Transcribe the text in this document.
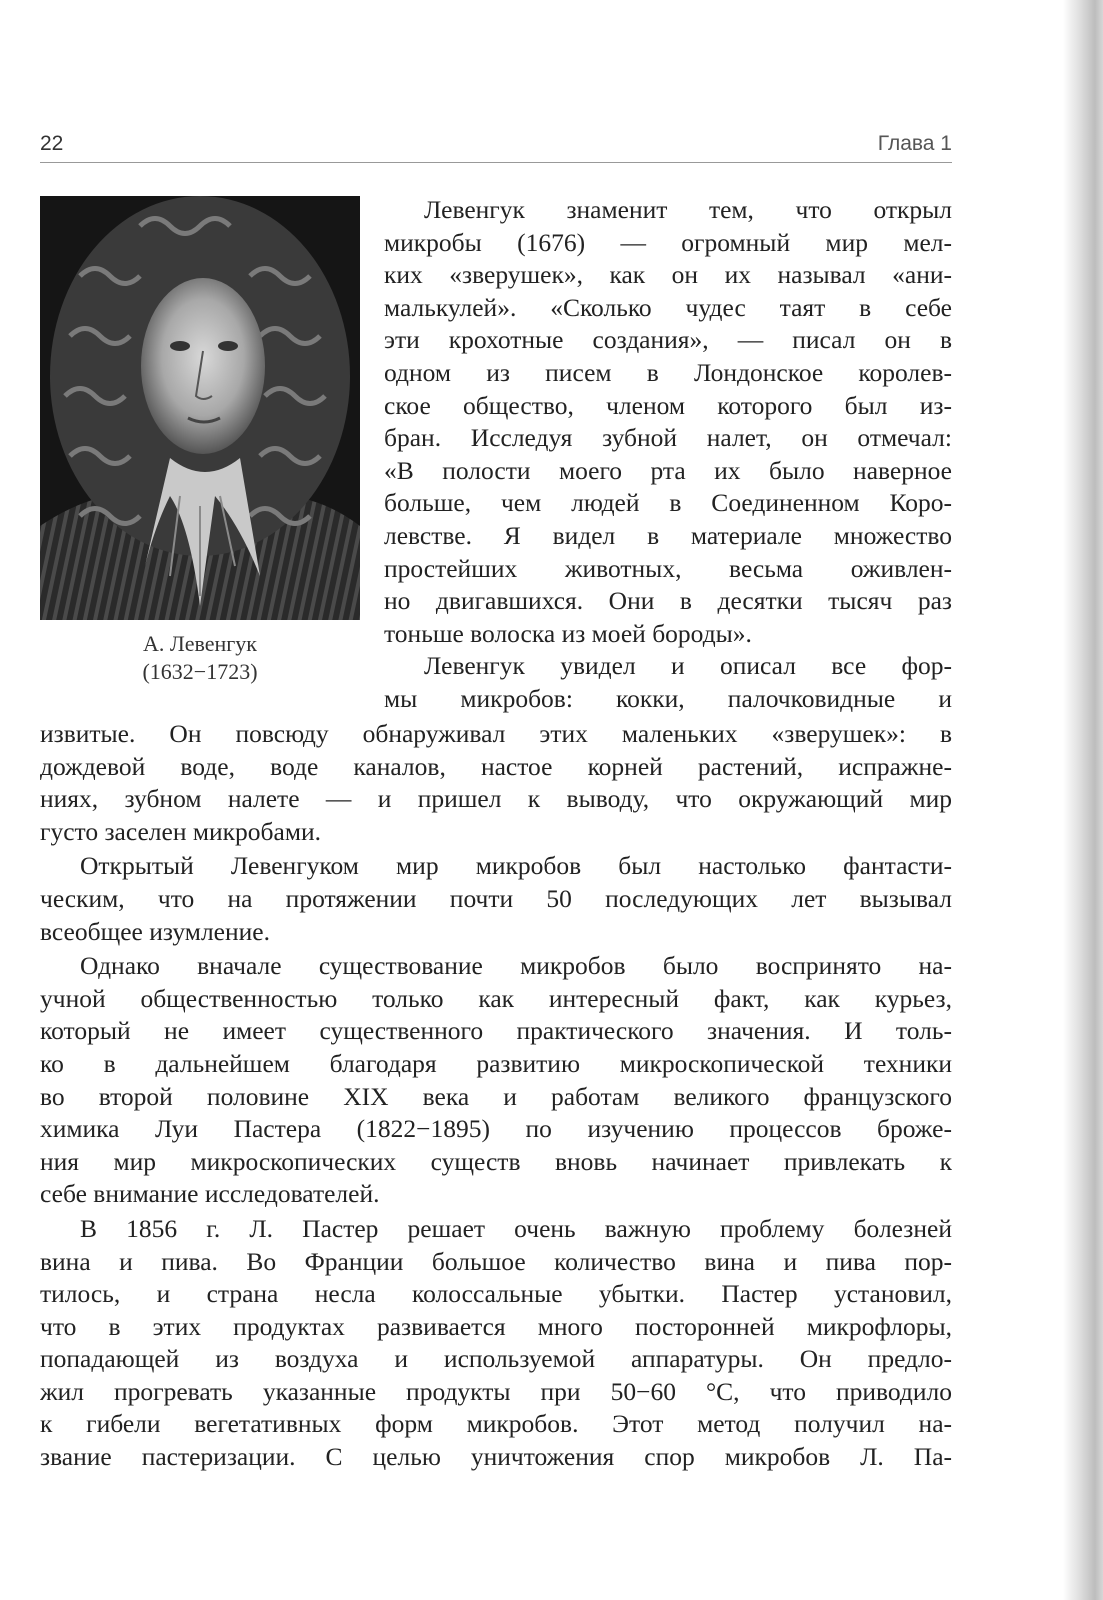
22	Глава 1
А. Левенгук
(1632−1723)
Левенгук знаменит тем, что открыл
микробы (1676) — огромный мир мел-
ких «зверушек», как он их называл «ани-
малькулей». «Сколько чудес таят в себе
эти крохотные создания», — писал он в
одном из писем в Лондонское королев-
ское общество, членом которого был из-
бран. Исследуя зубной налет, он отмечал:
«В полости моего рта их было наверное
больше, чем людей в Соединенном Коро-
левстве. Я видел в материале множество
простейших животных, весьма оживлен-
но двигавшихся. Они в десятки тысяч раз
тоньше волоска из моей бороды».
Левенгук увидел и описал все фор-
мы микробов: кокки, палочковидные и
извитые. Он повсюду обнаруживал этих маленьких «зверушек»: в
дождевой воде, воде каналов, настое корней растений, испражне-
ниях, зубном налете — и пришел к выводу, что окружающий мир
густо заселен микробами.
Открытый Левенгуком мир микробов был настолько фантасти-
ческим, что на протяжении почти 50 последующих лет вызывал
всеобщее изумление.
Однако вначале существование микробов было воспринято на-
учной общественностью только как интересный факт, как курьез,
который не имеет существенного практического значения. И толь-
ко в дальнейшем благодаря развитию микроскопической техники
во второй половине XIX века и работам великого французского
химика Луи Пастера (1822−1895) по изучению процессов броже-
ния мир микроскопических существ вновь начинает привлекать к
себе внимание исследователей.
В 1856 г. Л. Пастер решает очень важную проблему болезней
вина и пива. Во Франции большое количество вина и пива пор-
тилось, и страна несла колоссальные убытки. Пастер установил,
что в этих продуктах развивается много посторонней микрофлоры,
попадающей из воздуха и используемой аппаратуры. Он предло-
жил прогревать указанные продукты при 50−60 °С, что приводило
к гибели вегетативных форм микробов. Этот метод получил на-
звание пастеризации. С целью уничтожения спор микробов Л. Па-
